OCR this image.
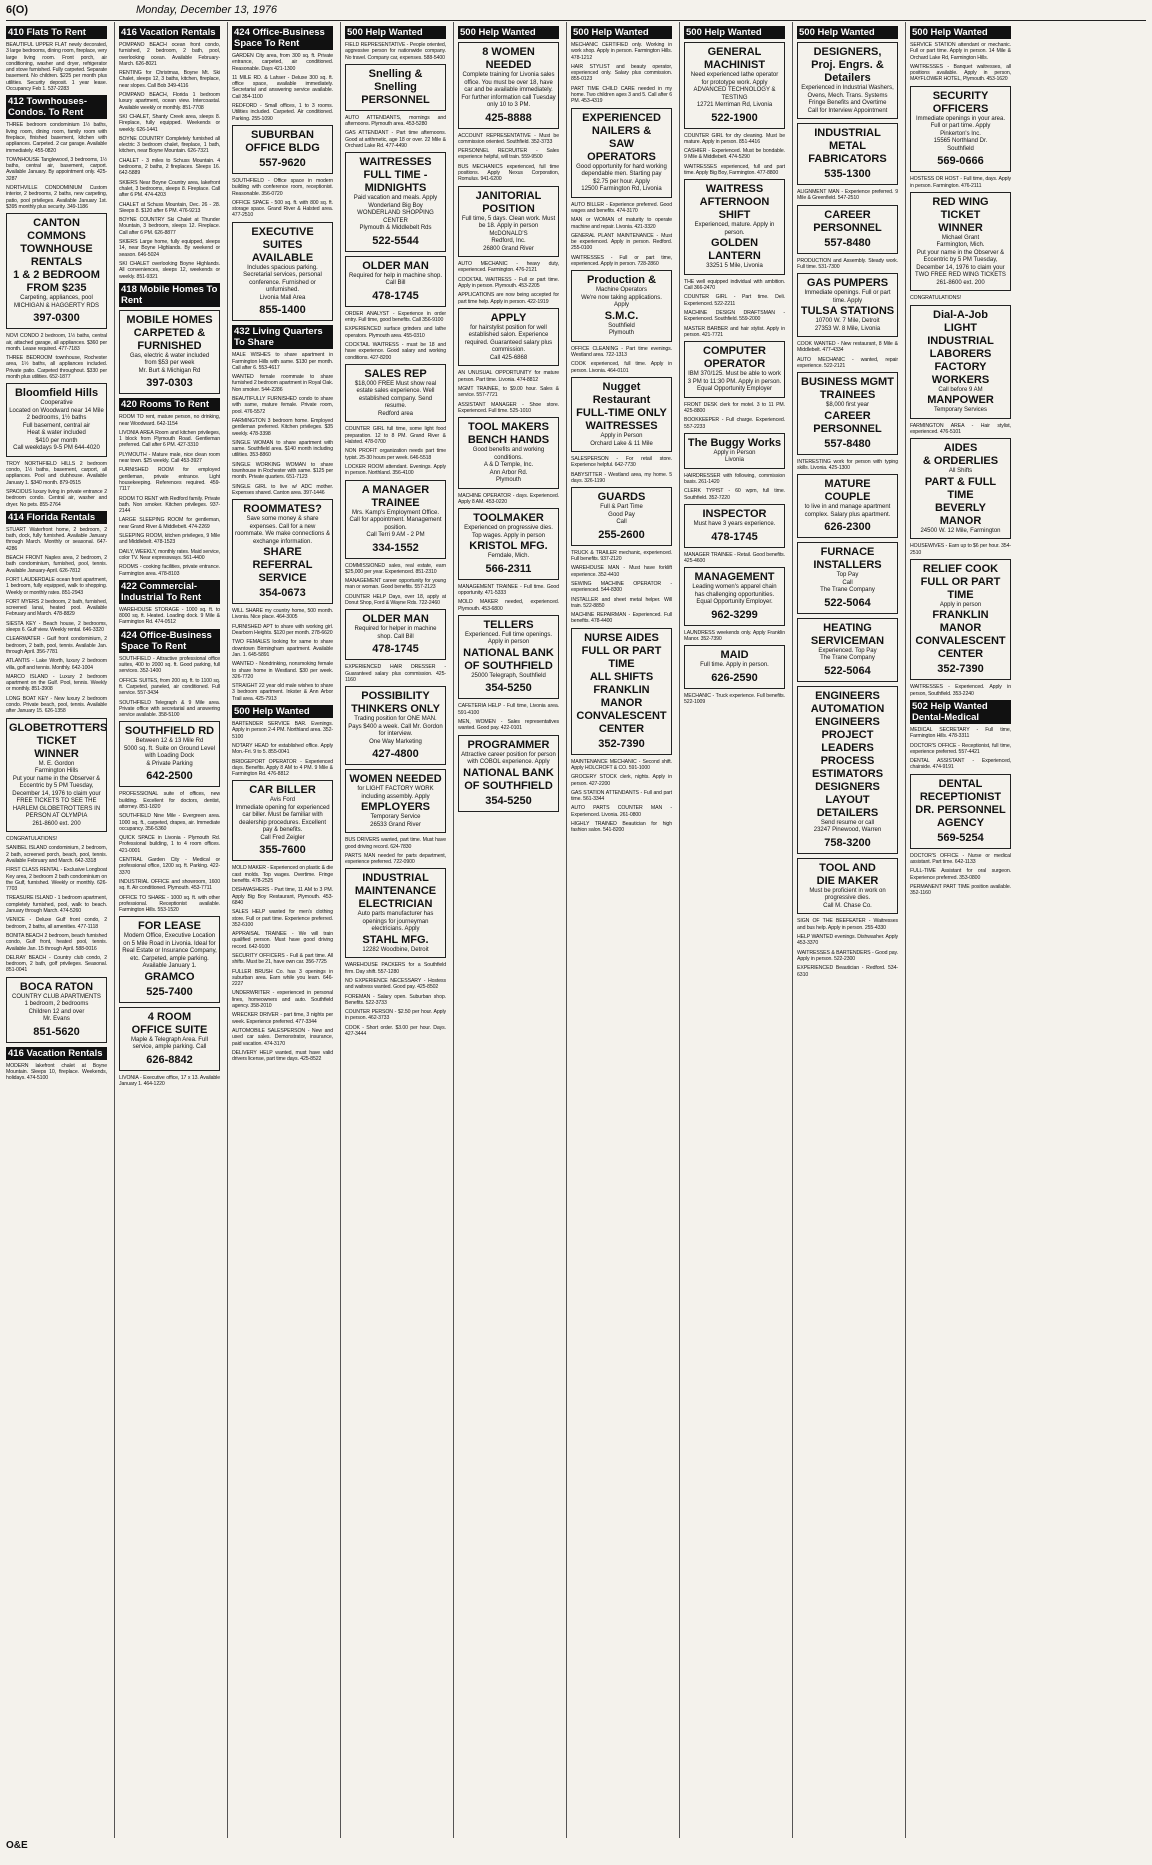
6(O)	Monday, December 13, 1976
410 Flats To Rent
BEAUTIFUL UPPER FLAT newly decorated, 3 large bedrooms, dining room, fireplace, very large living room. Front porch, air conditioning, washer and dryer, refrigerator and stove furnished. Fully carpeted. Separate basement. No children. $225 per month plus utilities. Security deposit. 1 year lease. Occupancy Feb 1. 537-2283
412 Townhouses-Condos. To Rent
THREE bedroom condominium 1½ baths, living room, dining room, family room with fireplace, finished basement, kitchen with appliances. Carpeted. 2 car garage. Available immediately. 455-0820
TOWNHOUSE Tanglewood, 3 bedrooms, 1½ baths, central air, basement, carport. Available January. By appointment only. 425-3287
NORTHVILLE CONDOMINIUM Custom interior, 2 bedrooms, 2 baths, new carpeting, patio, pool privileges. Available January 1st. $395 monthly plus security. 349-1186
CANTON COMMONS
TOWNHOUSE RENTALS
1 & 2 BEDROOM
FROM $235
Carpeting, appliances, pool
MICHIGAN & HAGGERTY RDS
397-0300
NOVI CONDO 2 bedroom, 1½ baths, central air, attached garage, all appliances. $360 per month. Lease required. 477-7183
THREE BEDROOM townhouse, Rochester area, 1½ baths, all appliances included. Private patio. Carpeted throughout. $330 per month plus utilities. 652-1877
Bloomfield Hills
Cooperative
Located on Woodward near 14 Mile
2 bedrooms, 1½ baths
Full basement, central air
Heat & water included
$410 per month
Call weekdays 9-5 PM 644-4020
TROY NORTHFIELD HILLS 2 bedroom condo, 1½ baths, basement, carport, all appliances. Pool and clubhouse. Available January 1. $340 month. 879-0515
SPACIOUS luxury living in private entrance 2 bedroom condo. Central air, washer and dryer. No pets. 855-2764
414 Florida Rentals
STUART Waterfront home, 2 bedroom, 2 bath, dock, fully furnished. Available January through March. Monthly or seasonal. 647-4286
BEACH FRONT Naples area, 2 bedroom, 2 bath condominium, furnished, pool, tennis. Available January-April. 626-7812
FORT LAUDERDALE ocean front apartment, 1 bedroom, fully equipped, walk to shopping. Weekly or monthly rates. 851-2943
FORT MYERS 2 bedroom, 2 bath, furnished, screened lanai, heated pool. Available February and March. 478-8829
SIESTA KEY - Beach house, 2 bedrooms, sleeps 6. Gulf view. Weekly rental. 646-3320
CLEARWATER - Gulf front condominium, 2 bedroom, 2 bath, pool, tennis. Available Jan. through April. 356-7781
ATLANTIS - Lake Worth, luxury 2 bedroom villa, golf and tennis. Monthly. 642-1004
MARCO ISLAND - Luxury 2 bedroom apartment on the Gulf. Pool, tennis. Weekly or monthly. 851-3908
LONG BOAT KEY - New luxury 2 bedroom condo. Private beach, pool, tennis. Available after January 15. 626-1358
GLOBETROTTERS
TICKET
WINNER
M. E. Gordon
Farmington Hills
Put your name in the Observer & Eccentric by 5 PM Tuesday, December 14, 1976 to claim your FREE TICKETS TO SEE THE HARLEM GLOBETROTTERS IN PERSON AT OLYMPIA
261-8600 ext. 200
CONGRATULATIONS!
SANIBEL ISLAND condominium, 2 bedroom, 2 bath, screened porch, beach, pool, tennis. Available February and March. 642-3318
FIRST CLASS RENTAL - Exclusive Longboat Key area, 2 bedroom 2 bath condominium on the Gulf, furnished. Weekly or monthly. 626-7703
TREASURE ISLAND - 1 bedroom apartment, completely furnished, pool, walk to beach. January through March. 474-5260
VENICE - Deluxe Gulf front condo, 2 bedroom, 2 baths, all amenities. 477-1118
BONITA BEACH 2 bedroom, beach furnished condo, Gulf front, heated pool, tennis. Available Jan. 15 through April. 588-0016
DELRAY BEACH - Country club condo, 2 bedroom, 2 bath, golf privileges. Seasonal. 851-0041
BOCA RATON
COUNTRY CLUB APARTMENTS
1 bedroom, 2 bedrooms
Children 12 and over
Mr. Evans
851-5620
416 Vacation Rentals
MODERN lakefront chalet at Boyne Mountain. Sleeps 10, fireplace. Weekends, holidays. 474-5100
416 Vacation Rentals
POMPANO BEACH ocean front condo, furnished, 2 bedroom, 2 bath, pool, overlooking ocean. Available February-March. 626-8021
RENTING for Christmas, Boyne Mt. Ski Chalet, sleeps 12, 3 baths, kitchen, fireplace, near slopes. Call Bob 349-4116
POMPANO BEACH, Florida 1 bedroom luxury apartment, ocean view. Intercoastal. Available weekly or monthly. 851-7708
SKI CHALET, Shanty Creek area, sleeps 8. Fireplace, fully equipped. Weekends or weekly. 626-1441
BOYNE COUNTRY Completely furnished all electric 3 bedroom chalet, fireplace, 1 bath, kitchen, near Boyne Mountain. 626-7321
CHALET - 3 miles to Schuss Mountain. 4 bedrooms, 2 baths, 2 fireplaces. Sleeps 16. 642-5889
SKIERS Near Boyne Country area, lakefront chalet, 3 bedrooms, sleeps 8. Fireplace. Call after 6 PM. 474-4203
CHALET at Schuss Mountain, Dec. 26 - 28. Sleeps 8. $120 after 6 PM. 476-9213
BOYNE COUNTRY Ski Chalet at Thunder Mountain, 3 bedroom, sleeps 12. Fireplace. Call after 6 PM. 626-8877
SKIERS Large home, fully equipped, sleeps 14, near Boyne Highlands. By weekend or season. 646-5024
SKI CHALET overlooking Boyne Highlands. All conveniences, sleeps 12, weekends or weekly. 851-9321
418 Mobile Homes To Rent
MOBILE HOMES
CARPETED & FURNISHED
Gas, electric & water included
from $53 per week
Mr. Burt & Michigan Rd
397-0303
420 Rooms To Rent
ROOM TO rent, mature person, no drinking, near Woodward. 642-1154
LIVONIA AREA Room and kitchen privileges, 1 block from Plymouth Road. Gentleman preferred. Call after 6 PM. 427-3310
PLYMOUTH - Mature male, nice clean room near town. $25 weekly. Call 453-3927
FURNISHED ROOM for employed gentleman, private entrance. Light housekeeping. References required. 459-7117
ROOM TO RENT with Redford family. Private bath. Non smoker. Kitchen privileges. 937-2144
LARGE SLEEPING ROOM for gentleman, near Grand River & Middlebelt. 474-2269
SLEEPING ROOM, kitchen privileges, 9 Mile and Middlebelt. 478-1523
DAILY, WEEKLY, monthly rates. Maid service, color TV. Near expressways. 561-4400
ROOMS - cooking facilities, private entrance. Farmington area. 478-8103
422 Commercial-Industrial To Rent
WAREHOUSE STORAGE - 1000 sq. ft. to 8000 sq. ft. Heated. Loading dock. 9 Mile & Farmington Rd. 474-0512
424 Office-Business Space To Rent
SOUTHFIELD - Attractive professional office suites, 400 to 2000 sq. ft. Good parking, full services. 352-1400
OFFICE SUITES, from 200 sq. ft. to 1100 sq. ft. Carpeted, paneled, air conditioned. Full service. 557-3434
SOUTHFIELD Telegraph & 9 Mile area. Private office with secretarial and answering service available. 358-5100
SOUTHFIELD RD
Between 12 & 13 Mile Rd
5000 sq. ft. Suite on Ground Level
with Loading Dock
& Private Parking
642-2500
PROFESSIONAL suite of offices, new building. Excellent for doctors, dentist, attorney. 851-1820
SOUTHFIELD Nine Mile - Evergreen area. 1000 sq. ft., carpeted, drapes, air. Immediate occupancy. 356-5360
QUICK SPACE in Livonia - Plymouth Rd. Professional building, 1 to 4 room offices. 421-0001
CENTRAL Garden City - Medical or professional office, 1200 sq. ft. Parking. 422-3370
INDUSTRIAL OFFICE and showroom, 1600 sq. ft. Air conditioned. Plymouth. 453-7711
OFFICE TO SHARE - 1000 sq. ft. with other professional. Receptionist available. Farmington Hills. 553-1520
FOR LEASE
Modern Office, Executive Location on 5 Mile Road in Livonia. Ideal for Real Estate or Insurance Company, etc. Carpeted, ample parking. Available January 1.
GRAMCO
525-7400
4 ROOM
OFFICE SUITE
Maple & Telegraph Area. Full service, ample parking. Call
626-8842
LIVONIA - Executive office, 17 x 13. Available January 1. 464-1220
424 Office-Business Space To Rent
GARDEN City area, from 300 sq. ft. Private entrance, carpeted, air conditioned. Reasonable. Days 421-1300
11 MILE RD. & Lahser - Deluxe 300 sq. ft. office space, available immediately. Secretarial and answering service available. Call 354-1100
REDFORD - Small offices, 1 to 3 rooms. Utilities included. Carpeted. Air conditioned. Parking. 255-1090
SUBURBAN OFFICE BLDG
557-9620
SOUTHFIELD - Office space in modern building with conference room, receptionist. Reasonable. 356-0720
OFFICE SPACE - 500 sq. ft. with 800 sq. ft. storage space. Grand River & Halsted area. 477-2510
EXECUTIVE SUITES
AVAILABLE
Includes spacious parking. Secretarial services, personal conference. Furnished or unfurnished.
Livonia Mall Area
855-1400
432 Living Quarters To Share
MALE WISHES to share apartment in Farmington Hills with same. $130 per month. Call after 6. 553-4617
WANTED female roommate to share furnished 2 bedroom apartment in Royal Oak. Non smoker. 544-2286
BEAUTIFULLY FURNISHED condo to share with same, mature female. Private room, pool. 476-5572
FARMINGTON 3 bedroom home. Employed gentleman preferred. Kitchen privileges. $35 weekly. 478-3398
SINGLE WOMAN to share apartment with same. Southfield area. $140 month including utilities. 353-8860
SINGLE WORKING WOMAN to share townhouse in Rochester with same. $125 per month. Private quarters. 651-7123
SINGLE GIRL to live w/ ADC mother. Expenses shared. Canton area. 397-1446
ROOMMATES?
Save some money & share expenses. Call for a new roommate. We make connections & exchange information.
SHARE
REFERRAL SERVICE
354-0673
WILL SHARE my country home, 500 month. Livonia. Nice place. 464-3005
FURNISHED APT to share with working girl. Dearborn Heights. $120 per month. 278-6620
TWO FEMALES looking for same to share downtown Birmingham apartment. Available Jan. 1. 645-5891
WANTED - Nondrinking, nonsmoking female to share home in Westland. $30 per week. 326-7720
STRAIGHT 22 year old male wishes to share 3 bedroom apartment. Inkster & Ann Arbor Trail area. 425-7913
500 Help Wanted
BARTENDER SERVICE BAR. Evenings. Apply in person 2-4 PM. Northland area. 352-5100
NOTARY HEAD for established office. Apply Mon.-Fri. 9 to 5. 855-0041
BRIDGEPORT OPERATOR - Experienced days. Benefits. Apply 8 AM to 4 PM. 9 Mile & Farmington Rd. 476-8812
CAR BILLER
Avis Ford
Immediate opening for experienced car biller. Must be familiar with dealership procedures. Excellent pay & benefits.
Call Fred Zeigler
355-7600
MOLD MAKER - Experienced on plastic & die cast molds. Top wages. Overtime. Fringe benefits. 478-2525
DISHWASHERS - Part time, 11 AM to 3 PM. Apply Big Boy Restaurant, Plymouth. 453-6840
SALES HELP wanted for men's clothing store. Full or part time. Experience preferred. 352-6100
APPRAISAL TRAINEE - We will train qualified person. Must have good driving record. 642-9100
SECURITY OFFICERS - Full & part time. All shifts. Must be 21, have own car. 356-7725
FULLER BRUSH Co. has 3 openings in suburban area. Earn while you learn. 646-2227
UNDERWRITER - experienced in personal lines, homeowners and auto. Southfield agency. 358-2010
WRECKER DRIVER - part time, 3 nights per week. Experience preferred. 477-3344
AUTOMOBILE SALESPERSON - New and used car sales. Demonstrator, insurance, paid vacation. 474-3170
DELIVERY HELP wanted, must have valid drivers license, part time days. 425-8522
500 Help Wanted
FIELD REPRESENTATIVE - People oriented, aggressive person for nationwide company. No travel. Company car, expenses. 588-5400
Snelling & Snelling
PERSONNEL
AUTO ATTENDANTS, mornings and afternoons. Plymouth area. 453-5280
GAS ATTENDANT - Part time afternoons. Good at arithmetic, age 18 or over. 22 Mile & Orchard Lake Rd. 477-4490
WAITRESSES
FULL TIME - MIDNIGHTS
Paid vacation and meals. Apply
Wonderland Big Boy
WONDERLAND SHOPPING CENTER
Plymouth & Middlebelt Rds
522-5544
OLDER MAN
Required for help in machine shop. Call Bill
478-1745
ORDER ANALYST - Experience in order entry. Full time, good benefits. Call 356-9100
EXPERIENCED surface grinders and lathe operators. Plymouth area. 455-0310
COCKTAIL WAITRESS - must be 18 and have experience. Good salary and working conditions. 427-8200
SALES REP
$18,000 FREE Must show real estate sales experience. Well established company. Send resume.
Redford area
COUNTER GIRL full time, some light food preparation. 12 to 8 PM. Grand River & Halsted. 478-0700
NON PROFIT organization needs part time typist. 25-30 hours per week. 646-5518
LOCKER ROOM attendant. Evenings. Apply in person. Northland. 356-4100
A MANAGER TRAINEE
Mrs. Kamp's Employment Office. Call for appointment. Management position.
Call Terri 9 AM - 2 PM
334-1552
COMMISSIONED sales, real estate, earn $25,000 per year. Experienced. 851-2310
MANAGEMENT career opportunity for young man or woman. Good benefits. 557-2123
COUNTER HELP Days, over 18, apply at Donut Shop, Ford & Wayne Rds. 722-2460
OLDER MAN
Required for helper in machine shop. Call Bill
478-1745
EXPERIENCED HAIR DRESSER - Guaranteed salary plus commission. 425-1160
POSSIBILITY THINKERS ONLY
Trading position for ONE MAN. Pays $400 a week. Call Mr. Gordon for interview.
One Way Marketing
427-4800
WOMEN NEEDED
for LIGHT FACTORY WORK including assembly. Apply
EMPLOYERS
Temporary Service
26533 Grand River
BUS DRIVERS wanted, part time. Must have good driving record. 624-7830
PARTS MAN needed for parts department, experience preferred. 722-0900
INDUSTRIAL
MAINTENANCE
ELECTRICIAN
Auto parts manufacturer has openings for journeyman electricians. Apply
STAHL MFG.
12282 Woodbine, Detroit
WAREHOUSE PACKERS for a Southfield firm. Day shift. 557-1280
NO EXPERIENCE NECESSARY - Hostess and waitress wanted. Good pay. 425-8502
FOREMAN - Salary open. Suburban shop. Benefits. 522-3733
COUNTER PERSON - $2.50 per hour. Apply in person. 462-3733
COOK - Short order. $3.00 per hour. Days. 427-3444
500 Help Wanted
8 WOMEN NEEDED
Complete training for Livonia sales office. You must be over 18, have car and be available immediately. For further information call Tuesday only 10 to 3 PM.
425-8888
ACCOUNT REPRESENTATIVE - Must be commission oriented. Southfield. 352-3733
PERSONNEL RECRUITER - Sales experience helpful, will train. 559-9500
BUS MECHANICS experienced, full time positions. Apply Nexus Corporation, Romulus. 941-6200
JANITORIAL
POSITION
Full time, 5 days. Clean work. Must be 18. Apply in person
McDONALD'S
Redford, Inc.
26800 Grand River
AUTO MECHANIC - heavy duty, experienced. Farmington. 476-2121
COCKTAIL WAITRESS - Full or part time. Apply in person. Plymouth. 453-2205
APPLICATIONS are now being accepted for part time help. Apply in person. 422-1919
APPLY
for hairstylist position for well established salon. Experience required. Guaranteed salary plus commission.
Call 425-6868
AN UNUSUAL OPPORTUNITY for mature person. Part time. Livonia. 474-8812
MGMT TRAINEE, to $9.00 hour. Sales & service. 557-7721
ASSISTANT MANAGER - Shoe store. Experienced. Full time. 525-1010
TOOL MAKERS
BENCH HANDS
Good benefits and working conditions.
A & D Temple, Inc.
Ann Arbor Rd.
Plymouth
MACHINE OPERATOR - days. Experienced. Apply 8 AM. 453-0220
TOOLMAKER
Experienced on progressive dies. Top wages. Apply in person
KRISTOL MFG.
Ferndale, Mich.
566-2311
MANAGEMENT TRAINEE - Full time. Good opportunity. 471-5333
MOLD MAKER needed, experienced. Plymouth. 453-6800
TELLERS
Experienced. Full time openings. Apply in person
NATIONAL BANK
OF SOUTHFIELD
25000 Telegraph, Southfield
354-5250
CAFETERIA HELP - Full time, Livonia area. 591-4100
MEN, WOMEN - Sales representatives wanted. Good pay. 422-0101
PROGRAMMER
Attractive career position for person with COBOL experience. Apply
NATIONAL BANK
OF SOUTHFIELD
354-5250
500 Help Wanted
MECHANIC CERTIFIED only. Working in work shop. Apply in person. Farmington Hills. 478-1212
HAIR STYLIST and beauty operator, experienced only. Salary plus commission. 855-0123
PART TIME CHILD CARE needed in my home. Two children ages 3 and 5. Call after 6 PM. 453-4319
EXPERIENCED
NAILERS &
SAW OPERATORS
Good opportunity for hard working dependable men. Starting pay $2.75 per hour. Apply
12500 Farmington Rd, Livonia
AUTO BILLER - Experience preferred. Good wages and benefits. 474-3170
MAN or WOMAN of maturity to operate machine and repair. Livonia. 421-3320
GENERAL PLANT MAINTENANCE - Must be experienced. Apply in person. Redford. 255-0100
WAITRESSES - Full or part time, experienced. Apply in person. 728-2860
Production &
Machine Operators
We're now taking applications. Apply
S.M.C.
Southfield
Plymouth
OFFICE CLEANING - Part time evenings. Westland area. 722-1313
COOK experienced, full time. Apply in person. Livonia. 464-0101
Nugget Restaurant
FULL-TIME ONLY
WAITRESSES
Apply in Person
Orchard Lake & 11 Mile
SALESPERSON - For retail store. Experience helpful. 642-7730
BABYSITTER - Westland area, my home. 5 days. 326-1190
GUARDS
Full & Part Time
Good Pay
Call
255-2600
TRUCK & TRAILER mechanic, experienced. Full benefits. 937-2120
WAREHOUSE MAN - Must have forklift experience. 352-4410
SEWING MACHINE OPERATOR - experienced. 544-8300
INSTALLER and sheet metal helper. Will train. 522-8850
MACHINE REPAIRMAN - Experienced. Full benefits. 478-4400
NURSE AIDES
FULL OR PART TIME
ALL SHIFTS
FRANKLIN MANOR
CONVALESCENT CENTER
352-7390
MAINTENANCE MECHANIC - Second shift. Apply HOLCROFT & CO. 591-1000
GROCERY STOCK clerk, nights. Apply in person. 427-2200
GAS STATION ATTENDANTS - Full and part time. 561-3344
AUTO PARTS COUNTER MAN - Experienced. Livonia. 261-0800
HIGHLY TRAINED Beautician for high fashion salon. 541-8200
500 Help Wanted
GENERAL MACHINIST
Need experienced lathe operator for prototype work. Apply
ADVANCED TECHNOLOGY & TESTING
12721 Merriman Rd, Livonia
522-1900
COUNTER GIRL for dry cleaning. Must be mature. Apply in person. 851-4416
CASHIER - Experienced. Must be bondable. 9 Mile & Middlebelt. 474-5290
WAITRESSES experienced, full and part time. Apply Big Boy, Farmington. 477-8800
WAITRESS
AFTERNOON SHIFT
Experienced, mature. Apply in person.
GOLDEN LANTERN
33251 5 Mile, Livonia
THE well equipped individual with ambition. Call 366-2470
COUNTER GIRL - Part time. Deli. Experienced. 522-2211
MACHINE DESIGN DRAFTSMAN - Experienced. Southfield. 559-2000
MASTER BARBER and hair stylist. Apply in person. 421-7721
COMPUTER
OPERATOR
IBM 370/125. Must be able to work 3 PM to 11:30 PM. Apply in person. Equal Opportunity Employer
FRONT DESK clerk for motel. 3 to 11 PM. 425-8800
BOOKKEEPER - Full charge. Experienced. 557-2233
The Buggy Works
Apply in Person
Livonia
HAIRDRESSER with following, commission basis. 261-1420
CLERK TYPIST - 60 wpm, full time. Southfield. 352-7220
INSPECTOR
Must have 3 years experience.
478-1745
MANAGER TRAINEE - Retail. Good benefits. 425-4600
MANAGEMENT
Leading women's apparel chain has challenging opportunities. Equal Opportunity Employer.
962-3299
LAUNDRESS weekends only. Apply Franklin Manor. 352-7390
MAID
Full time. Apply in person.
626-2590
MECHANIC - Truck experience. Full benefits. 522-1009
500 Help Wanted
DESIGNERS, Proj. Engrs. & Detailers
Experienced in Industrial Washers, Ovens, Mech. Trans. Systems
Fringe Benefits and Overtime
Call for Interview Appointment
INDUSTRIAL METAL
FABRICATORS
535-1300
ALIGNMENT MAN - Experience preferred. 9 Mile & Greenfield. 547-2510
CAREER PERSONNEL
557-8480
PRODUCTION and Assembly. Steady work. Full time. 531-7300
GAS PUMPERS
Immediate openings. Full or part time. Apply
TULSA STATIONS
10700 W. 7 Mile, Detroit
27353 W. 8 Mile, Livonia
COOK WANTED - New restaurant, 8 Mile & Middlebelt. 477-4334
AUTO MECHANIC - wanted, repair experience. 522-2121
BUSINESS MGMT
TRAINEES
$8,000 first year
CAREER PERSONNEL
557-8480
INTERESTING work for person with typing skills. Livonia. 425-1300
MATURE COUPLE
to live in and manage apartment complex. Salary plus apartment.
626-2300
FURNACE
INSTALLERS
Top Pay
Call
The Trane Company
522-5064
HEATING
SERVICEMAN
Experienced. Top Pay
The Trane Company
522-5064
ENGINEERS
AUTOMATION ENGINEERS
PROJECT LEADERS
PROCESS ESTIMATORS
DESIGNERS
LAYOUT
DETAILERS
Send resume or call
23247 Pinewood, Warren
758-3200
TOOL AND
DIE MAKER
Must be proficient in work on progressive dies.
Call M. Chase Co.
SIGN OF THE BEEFEATER - Waitresses and bus help. Apply in person. 255-4330
HELP WANTED evenings. Dishwasher. Apply 453-3370
WAITRESSES & BARTENDERS - Good pay. Apply in person. 522-2300
EXPERIENCED Beautician - Redford. 534-6310
500 Help Wanted
SERVICE STATION attendant or mechanic. Full or part time. Apply in person. 14 Mile & Orchard Lake Rd, Farmington Hills.
WAITRESSES - Banquet waitresses, all positions available. Apply in person, MAYFLOWER HOTEL, Plymouth. 453-1620
SECURITY OFFICERS
Immediate openings in your area. Full or part time. Apply
Pinkerton's Inc.
15565 Northland Dr.
Southfield
569-0666
HOSTESS OR HOST - Full time, days. Apply in person. Farmington. 476-2111
RED WING
TICKET
WINNER
Michael Grant
Farmington, Mich.
Put your name in the Observer & Eccentric by 5 PM Tuesday, December 14, 1976 to claim your TWO FREE RED WING TICKETS
261-8600 ext. 200
CONGRATULATIONS!
Dial-A-Job
LIGHT INDUSTRIAL
LABORERS
FACTORY WORKERS
Call before 9 AM
MANPOWER
Temporary Services
FARMINGTON AREA - Hair stylist, experienced. 476-5101
AIDES
& ORDERLIES
All Shifts
PART & FULL TIME
BEVERLY MANOR
24500 W. 12 Mile, Farmington
HOUSEWIVES - Earn up to $6 per hour. 354-2510
RELIEF COOK
FULL OR PART TIME
Apply in person
FRANKLIN MANOR
CONVALESCENT CENTER
352-7390
WAITRESSES - Experienced. Apply in person, Southfield. 353-2240
502 Help Wanted Dental-Medical
MEDICAL SECRETARY - Full time, Farmington Hills. 478-3311
DOCTOR'S OFFICE - Receptionist, full time, experience preferred. 557-4421
DENTAL ASSISTANT - Experienced, chairside. 474-9191
DENTAL RECEPTIONIST
DR. PERSONNEL AGENCY
569-5254
DOCTOR'S OFFICE - Nurse or medical assistant. Part time. 642-1133
FULL-TIME Assistant for oral surgeon. Experience preferred. 353-0800
PERMANENT PART TIME position available. 352-1160
O&E
